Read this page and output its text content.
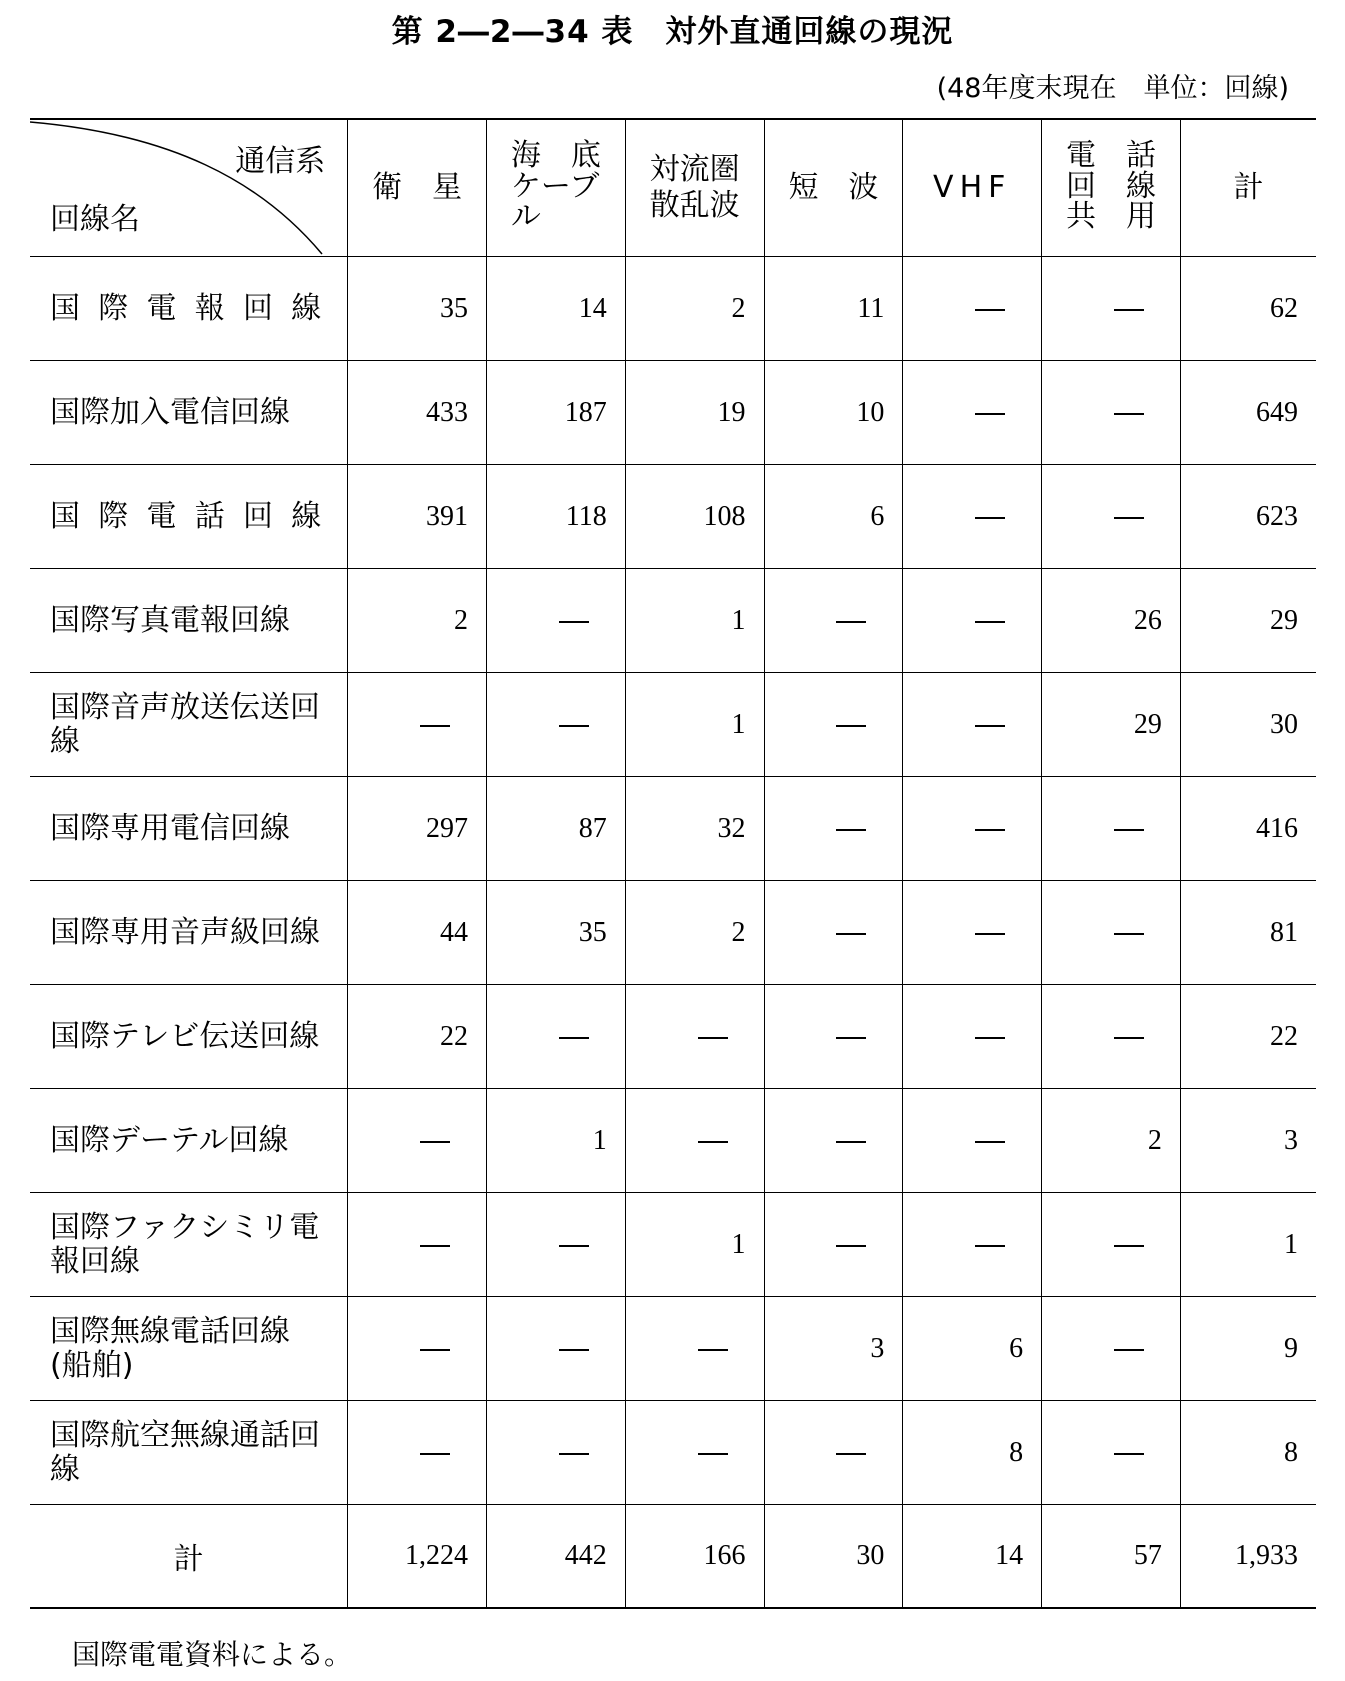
第 2―2―34 表　対外直通回線の現況
(48年度末現在　単位：回線)
通信系
回線名	衛　星	海　底
ケーブ
ル	対流圏
散乱波	短　波	VHF	電　話
回　線
共　用	計
国際電報回線	35	14	2	11			62
国際加入電信回線	433	187	19	10			649
国際電話回線	391	118	108	6			623
国際写真電報回線	2		1			26	29
国際音声放送伝送回線			1			29	30
国際専用電信回線	297	87	32				416
国際専用音声級回線	44	35	2				81
国際テレビ伝送回線	22						22
国際デーテル回線		1				2	3
国際ファクシミリ電報回線			1				1
国際無線電話回線(船舶)				3	6		9
国際航空無線通話回線					8		8
計	1,224	442	166	30	14	57	1,933
国際電電資料による。
